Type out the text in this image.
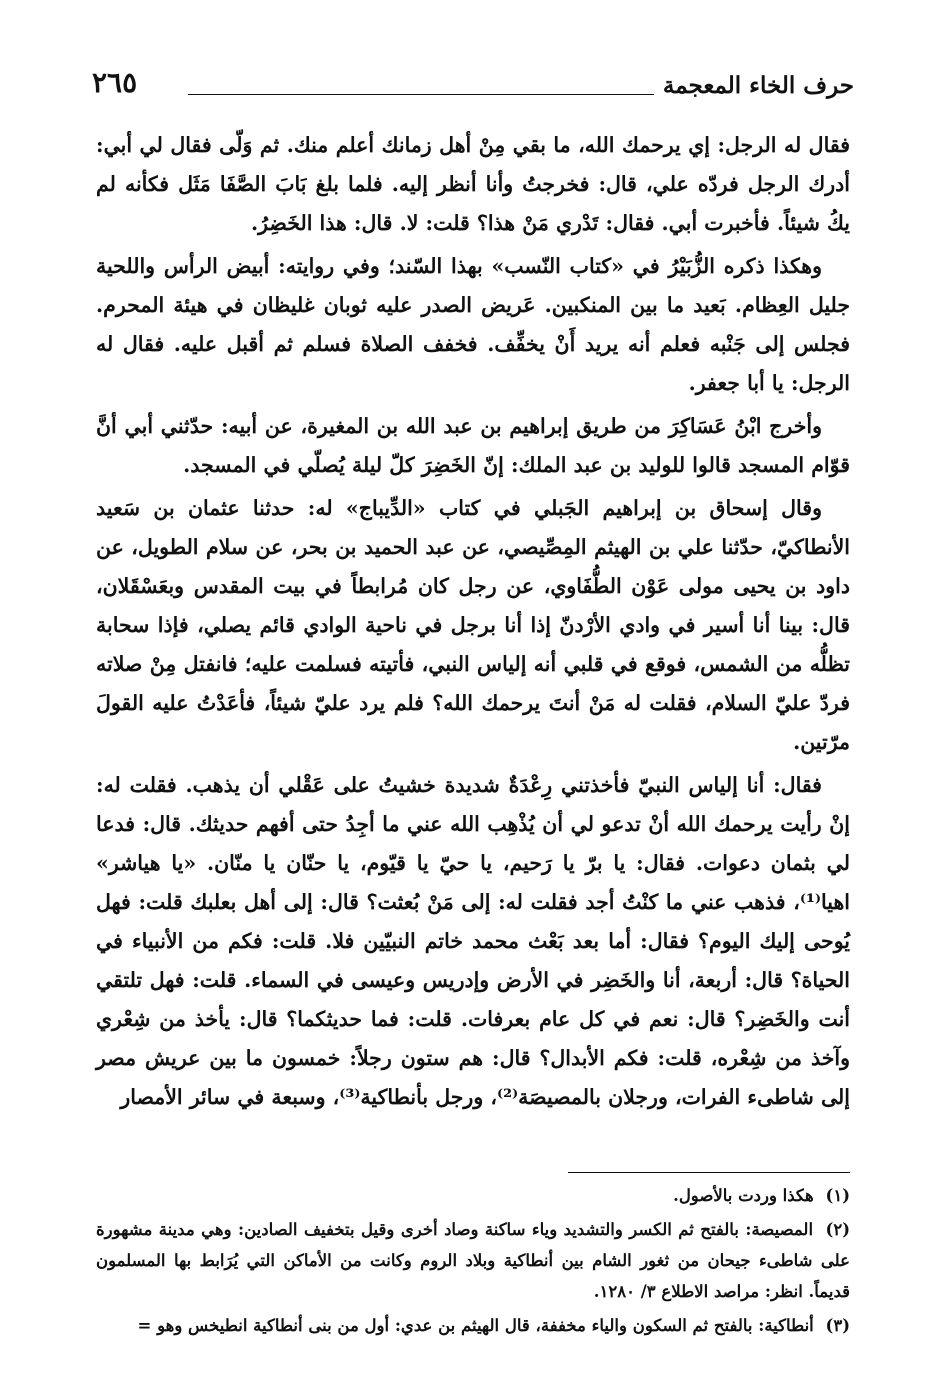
حرف الخاء المعجمة
٢٦٥

فقال له الرجل: إي يرحمك الله، ما بقي مِنْ أهل زمانك أعلم منك. ثم وَلّى فقال لي أبي: أدرك الرجل فردّه علي، قال: فخرجتُ وأنا أنظر إليه. فلما بلغ بَابَ الصَّفَا مَثَل فكأنه لم يكُ شيئاً. فأخبرت أبي. فقال: تَدْري مَنْ هذا؟ قلت: لا. قال: هذا الخَضِرُ.

وهكذا ذكره الزُّبَيْرُ في «كتاب النّسب» بهذا السّند؛ وفي روايته: أبيض الرأس واللحية جليل العِظام. بَعيد ما بين المنكبين. عَريض الصدر عليه ثوبان غليظان في هيئة المحرم. فجلس إلى جَنْبه فعلم أنه يريد أَنْ يخفِّف. فخفف الصلاة فسلم ثم أقبل عليه. فقال له الرجل: يا أبا جعفر.

وأخرج ابْنُ عَسَاكِرَ من طريق إبراهيم بن عبد الله بن المغيرة، عن أبيه: حدّثني أبي أنَّ قوّام المسجد قالوا للوليد بن عبد الملك: إنّ الخَضِرَ كلّ ليلة يُصلّي في المسجد.

وقال إسحاق بن إبراهيم الجَبلي في كتاب «الدِّيباج» له: حدثنا عثمان بن سَعيد الأنطاكيّ، حدّثنا علي بن الهيثم المِصِّيصي، عن عبد الحميد بن بحر، عن سلام الطويل، عن داود بن يحيى مولى عَوْن الطُّفَاوي، عن رجل كان مُرابطاً في بيت المقدس وبعَسْقَلان، قال: بينا أنا أسير في وادي الأرْدنّ إذا أنا برجل في ناحية الوادي قائم يصلي، فإذا سحابة تظلُّه من الشمس، فوقع في قلبي أنه إلياس النبي، فأتيته فسلمت عليه؛ فانفتل مِنْ صلاته فردّ عليّ السلام، فقلت له مَنْ أنتَ يرحمك الله؟ فلم يرد عليّ شيئاً، فأعَدْتُ عليه القولَ مرّتين.

فقال: أنا إلياس النبيّ فأخذتني رِعْدَةٌ شديدة خشيتُ على عَقْلي أن يذهب. فقلت له: إنْ رأيت يرحمك الله أنْ تدعو لي أن يُذْهِب الله عني ما أجِدُ حتى أفهم حديثك. قال: فدعا لي بثمان دعوات. فقال: يا برّ يا رَحيم، يا حيّ يا قيّوم، يا حنّان يا منّان. «يا هياشر» اهيا⁽¹⁾، فذهب عني ما كنْتُ أجد فقلت له: إلى مَنْ بُعثت؟ قال: إلى أهل بعلبك قلت: فهل يُوحى إليك اليوم؟ فقال: أما بعد بَعْث محمد خاتم النبيّين فلا. قلت: فكم من الأنبياء في الحياة؟ قال: أربعة، أنا والخَضِر في الأرض وإدريس وعيسى في السماء. قلت: فهل تلتقي أنت والخَضِر؟ قال: نعم في كل عام بعرفات. قلت: فما حديثكما؟ قال: يأخذ من شِعْري وآخذ من شِعْره، قلت: فكم الأبدال؟ قال: هم ستون رجلاً: خمسون ما بين عريش مصر إلى شاطىء الفرات، ورجلان بالمصيصَة⁽²⁾، ورجل بأنطاكية⁽³⁾، وسبعة في سائر الأمصار

(١) هكذا وردت بالأصول.

(٢) المصيصة: بالفتح ثم الكسر والتشديد وياء ساكنة وصاد أخرى وقيل بتخفيف الصادين: وهي مدينة مشهورة على شاطىء جيحان من ثغور الشام بين أنطاكية وبلاد الروم وكانت من الأماكن التي يُرَابط بها المسلمون قديماً. انظر: مراصد الاطلاع ٣/ ١٢٨٠.

(٣) أنطاكية: بالفتح ثم السكون والياء مخففة، قال الهيثم بن عدي: أول من بنى أنطاكية انطيخس وهو =
